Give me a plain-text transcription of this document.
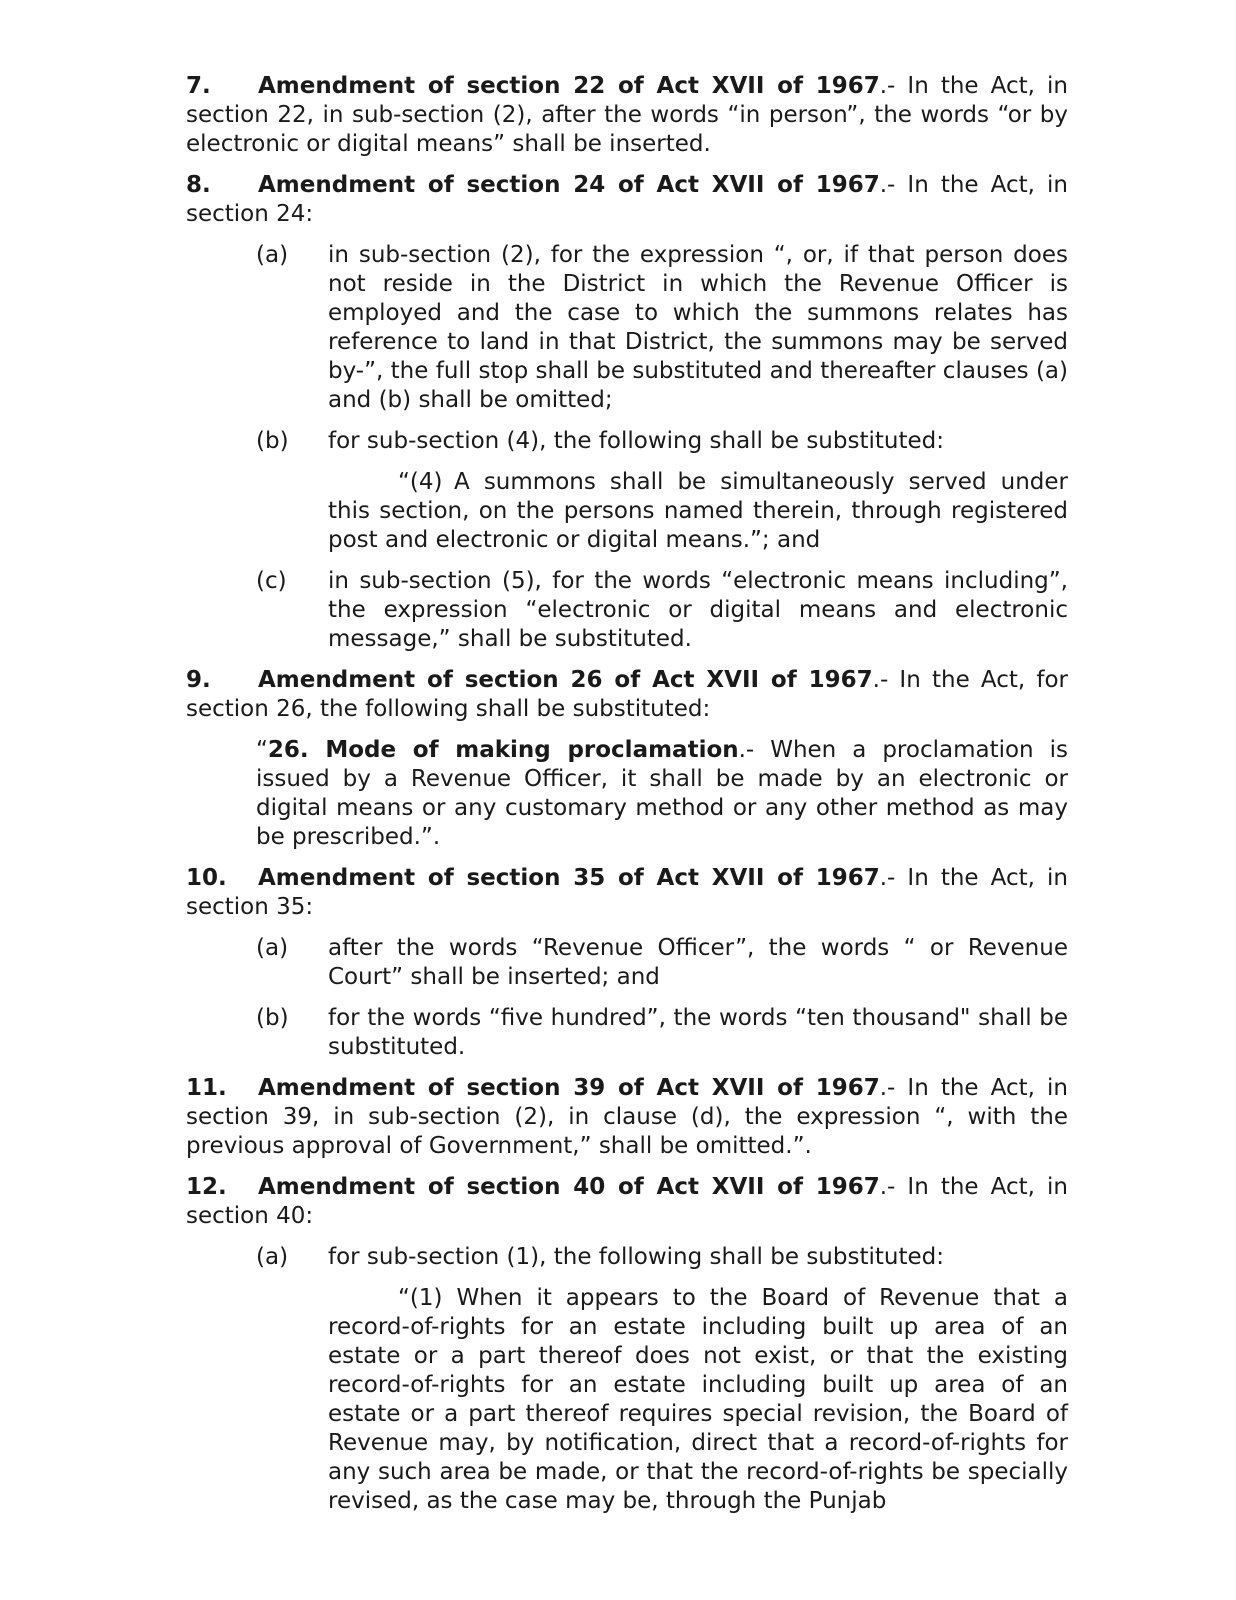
7. Amendment of section 22 of Act XVII of 1967.- In the Act, in section 22, in sub-section (2), after the words “in person”, the words “or by electronic or digital means” shall be inserted.

8. Amendment of section 24 of Act XVII of 1967.- In the Act, in section 24:

(a)	in sub-section (2), for the expression “, or, if that person does not reside in the District in which the Revenue Officer is employed and the case to which the summons relates has reference to land in that District, the summons may be served by-”, the full stop shall be substituted and thereafter clauses (a) and (b) shall be omitted;
(b)	for sub-section (4), the following shall be substituted:
“(4) A summons shall be simultaneously served under this section, on the persons named therein, through registered post and electronic or digital means.”; and
(c)	in sub-section (5), for the words “electronic means including”, the expression “electronic or digital means and electronic message,” shall be substituted.

9. Amendment of section 26 of Act XVII of 1967.- In the Act, for section 26, the following shall be substituted:

“26. Mode of making proclamation.- When a proclamation is issued by a Revenue Officer, it shall be made by an electronic or digital means or any customary method or any other method as may be prescribed.”.

10. Amendment of section 35 of Act XVII of 1967.- In the Act, in section 35:

(a)	after the words “Revenue Officer”, the words “ or Revenue Court” shall be inserted; and
(b)	for the words “five hundred”, the words “ten thousand" shall be substituted.

11. Amendment of section 39 of Act XVII of 1967.- In the Act, in section 39, in sub-section (2), in clause (d), the expression “, with the previous approval of Government,” shall be omitted.”.

12. Amendment of section 40 of Act XVII of 1967.- In the Act, in section 40:

(a)	for sub-section (1), the following shall be substituted:
“(1) When it appears to the Board of Revenue that a record-of-rights for an estate including built up area of an estate or a part thereof does not exist, or that the existing record-of-rights for an estate including built up area of an estate or a part thereof requires special revision, the Board of Revenue may, by notification, direct that a record-of-rights for any such area be made, or that the record-of-rights be specially revised, as the case may be, through the Punjab
